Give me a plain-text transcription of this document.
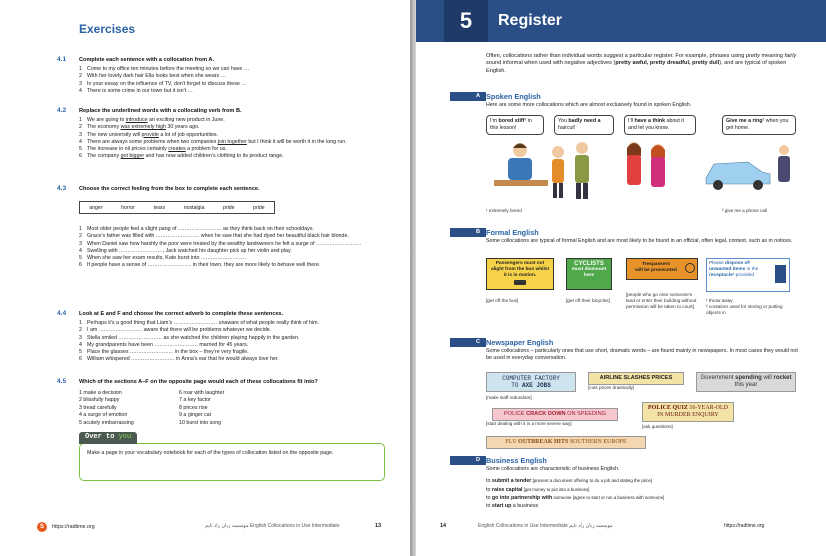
Exercises
4.1 Complete each sentence with a collocation from A.
1 Come to my office ten minutes before the meeting so we can have …
2 With her lovely dark hair Ella looks best when she wears …
3 In your essay on the influence of TV, don’t forget to discuss these …
4 There is some crime in our town but it isn’t …
4.2 Replace the underlined words with a collocating verb from B.
1 We are going to introduce an exciting new product in June.
2 The economy was extremely high 30 years ago.
3 The new university will provide a lot of job opportunities.
4 There are always some problems when two companies join together but I think it will be worth it in the long run.
5 The increase in oil prices certainly creates a problem for us.
6 The company got bigger and has now added children’s clothing to its product range.
4.3 Choose the correct feeling from the box to complete each sentence.
anger	horror	tears	nostalgia	pride	pride
1 Most older people feel a slight pang of .......................... as they think back on their schooldays.
2 Grace’s father was filled with .......................... when he saw that she had dyed her beautiful black hair blonde.
3 When Daniel saw how harshly the poor were treated by the wealthy landowners he felt a surge of ...........................
4 Swelling with .........................., Jack watched his daughter pick up her violin and play.
5 When she saw her exam results, Kate burst into ...........................
6 If people have a sense of .......................... in their town, they are more likely to behave well there.
4.4 Look at E and F and choose the correct adverb to complete these sentences.
1 Perhaps it’s a good thing that Liam’s .......................... unaware of what people really think of him.
2 I am .......................... aware that there will be problems whatever we decide.
3 Stella smiled .......................... as she watched the children playing happily in the garden.
4 My grandparents have been .......................... married for 45 years.
5 Place the glasses .......................... in the box – they’re very fragile.
6 William whispered .......................... in Anna’s ear that he would always love her.
4.5 Which of the sections A–F on the opposite page would each of these collocations fit into?
1 make a decision
2 blissfully happy
3 tread carefully
4 a surge of emotion
5 acutely embarrassing
6 roar with laughter
7 a key factor
8 prices rise
9 a ginger cat
10 burst into song
Over to you
Make a page in your vocabulary notebook for each of the types of collocation listed on the opposite page.
S	https://radtime.org	موسسه زبان راد تایم English Collocations in Use Intermediate	13
5	Register
Often, collocations rather than individual words suggest a particular register. For example, phrases using pretty meaning fairly sound informal when used with negative adjectives (pretty awful, pretty dreadful, pretty dull), and are typical of spoken English.
A Spoken English
Here are some more collocations which are almost exclusively found in spoken English.
I’m bored stiff¹ in this lesson!
You badly need a haircut!
I’ll have a think about it and let you know.
Give me a ring² when you get home.
¹ extremely bored	² give me a phone call
B Formal English
Some collocations are typical of formal English and are most likely to be found in an official, often legal, context, such as in notices.
Passengers must not alight from the bus whilst it is in motion.
CYCLISTS
must dismount
here
Trespassers
will be prosecuted
Please dispose of¹ unwanted items in the receptacle² provided
[get off the bus]	[get off their bicycles]
[people who go onto someone’s land or enter their building without permission will be taken to court]
¹ throw away
² container used for storing or putting objects in
C Newspaper English
Some collocations – particularly ones that use short, dramatic words – are found mainly in newspapers. In most cases they would not be used in everyday conversation.
COMPUTER FACTORY
TO AXE JOBS
[make staff redundant]
AIRLINE SLASHES PRICES
[cuts prices drastically]
Government spending will rocket this year
POLICE CRACK DOWN ON SPEEDING
[start dealing with it in a more severe way]
POLICE QUIZ 16-YEAR-OLD IN MURDER ENQUIRY
[ask questions]
FLU OUTBREAK HITS SOUTHERN EUROPE
D Business English
Some collocations are characteristic of business English.
to submit a tender [present a document offering to do a job and stating the price]
to raise capital [get money to put into a business]
to go into partnership with someone [agree to start or run a business with someone]
to start up a business
14	English Collocations in Use Intermediate موسسه زبان راد تایم	https://radtime.org
